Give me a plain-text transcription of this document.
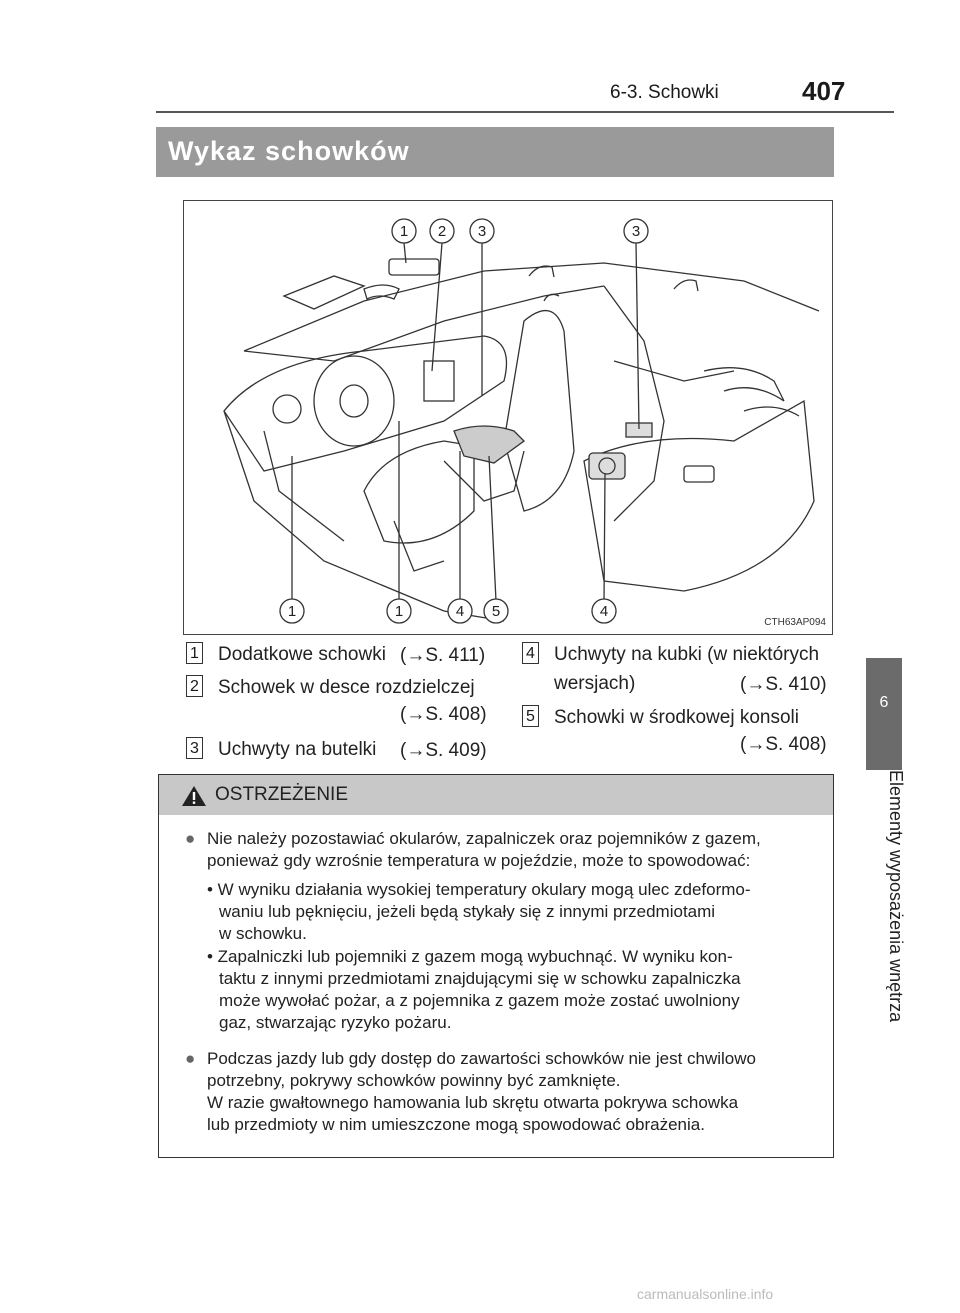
6-3. Schowki	407
6
Elementy wyposażenia wnętrza
Wykaz schowków
1 2 3	3
1	1	4 5	4
CTH63AP094
1 Dodatkowe schowki (→S. 411)
2 Schowek w desce rozdzielczej
(→S. 408)
3 Uchwyty na butelki (→S. 409)
4 Uchwyty na kubki (w niektórych
wersjach)	(→S. 410)
5 Schowki w środkowej konsoli
(→S. 408)
OSTRZEŻENIE
● Nie należy pozostawiać okularów, zapalniczek oraz pojemników z gazem,
ponieważ gdy wzrośnie temperatura w pojeździe, może to spowodować:
• W wyniku działania wysokiej temperatury okulary mogą ulec zdeformo-
waniu lub pęknięciu, jeżeli będą stykały się z innymi przedmiotami
w schowku.
• Zapalniczki lub pojemniki z gazem mogą wybuchnąć. W wyniku kon-
taktu z innymi przedmiotami znajdującymi się w schowku zapalniczka
może wywołać pożar, a z pojemnika z gazem może zostać uwolniony
gaz, stwarzając ryzyko pożaru.
● Podczas jazdy lub gdy dostęp do zawartości schowków nie jest chwilowo
potrzebny, pokrywy schowków powinny być zamknięte.
W razie gwałtownego hamowania lub skrętu otwarta pokrywa schowka
lub przedmioty w nim umieszczone mogą spowodować obrażenia.
carmanualsonline.info
